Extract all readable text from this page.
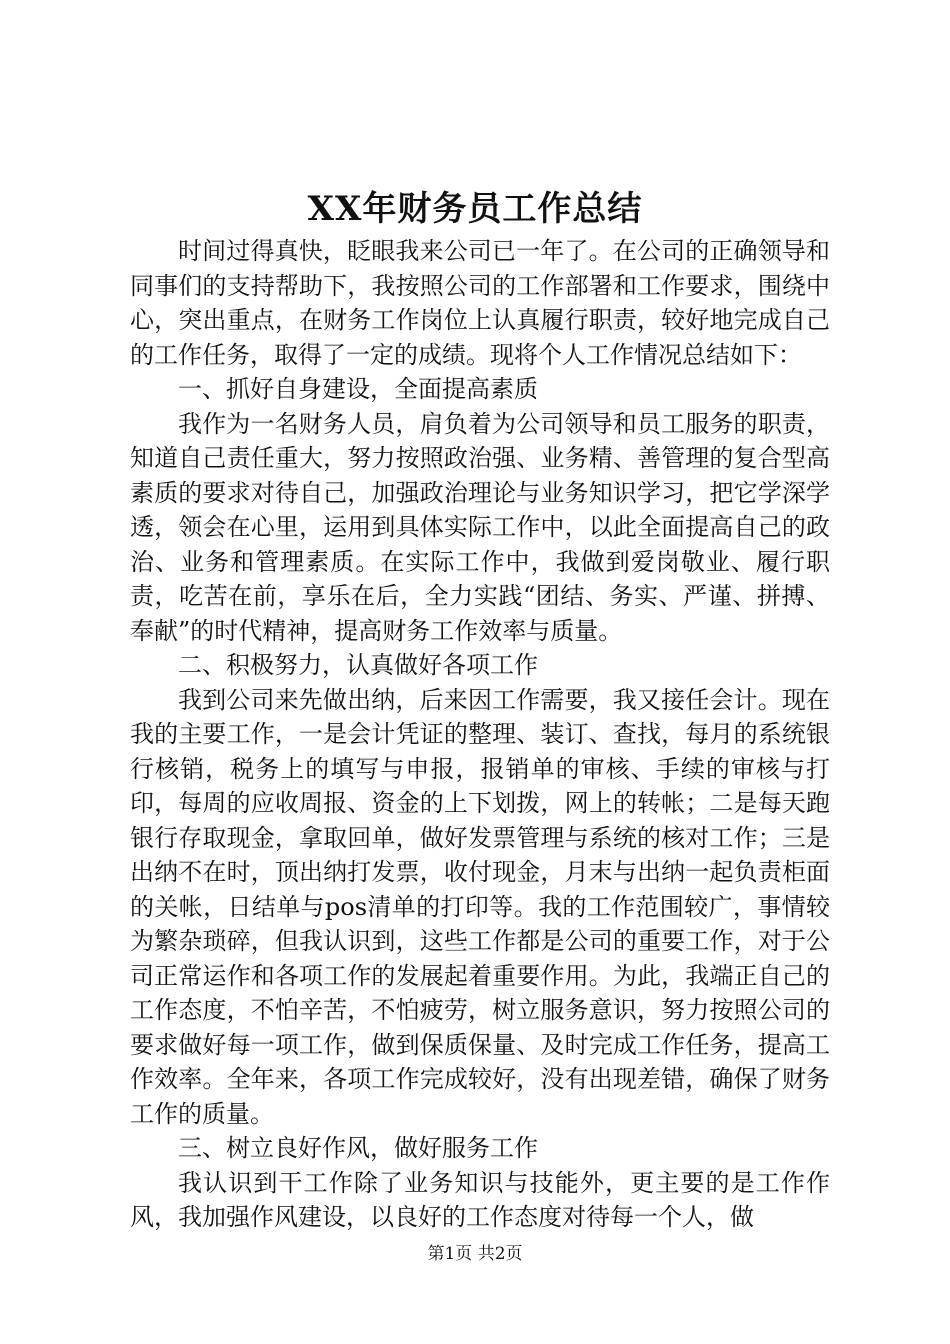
XX年财务员工作总结

时间过得真快，眨眼我来公司已一年了。在公司的正确领导和同事们的支持帮助下，我按照公司的工作部署和工作要求，围绕中心，突出重点，在财务工作岗位上认真履行职责，较好地完成自己的工作任务，取得了一定的成绩。现将个人工作情况总结如下：

一、抓好自身建设，全面提高素质

我作为一名财务人员，肩负着为公司领导和员工服务的职责，知道自己责任重大，努力按照政治强、业务精、善管理的复合型高素质的要求对待自己，加强政治理论与业务知识学习，把它学深学透，领会在心里，运用到具体实际工作中，以此全面提高自己的政治、业务和管理素质。在实际工作中，我做到爱岗敬业、履行职责，吃苦在前，享乐在后，全力实践“团结、务实、严谨、拼搏、奉献”的时代精神，提高财务工作效率与质量。

二、积极努力，认真做好各项工作

我到公司来先做出纳，后来因工作需要，我又接任会计。现在我的主要工作，一是会计凭证的整理、装订、查找，每月的系统银行核销，税务上的填写与申报，报销单的审核、手续的审核与打印，每周的应收周报、资金的上下划拨，网上的转帐；二是每天跑银行存取现金，拿取回单，做好发票管理与系统的核对工作；三是出纳不在时，顶出纳打发票，收付现金，月末与出纳一起负责柜面的关帐，日结单与pos清单的打印等。我的工作范围较广，事情较为繁杂琐碎，但我认识到，这些工作都是公司的重要工作，对于公司正常运作和各项工作的发展起着重要作用。为此，我端正自己的工作态度，不怕辛苦，不怕疲劳，树立服务意识，努力按照公司的要求做好每一项工作，做到保质保量、及时完成工作任务，提高工作效率。全年来，各项工作完成较好，没有出现差错，确保了财务工作的质量。

三、树立良好作风，做好服务工作

我认识到干工作除了业务知识与技能外，更主要的是工作作风，我加强作风建设，以良好的工作态度对待每一个人，做

第1页 共2页
